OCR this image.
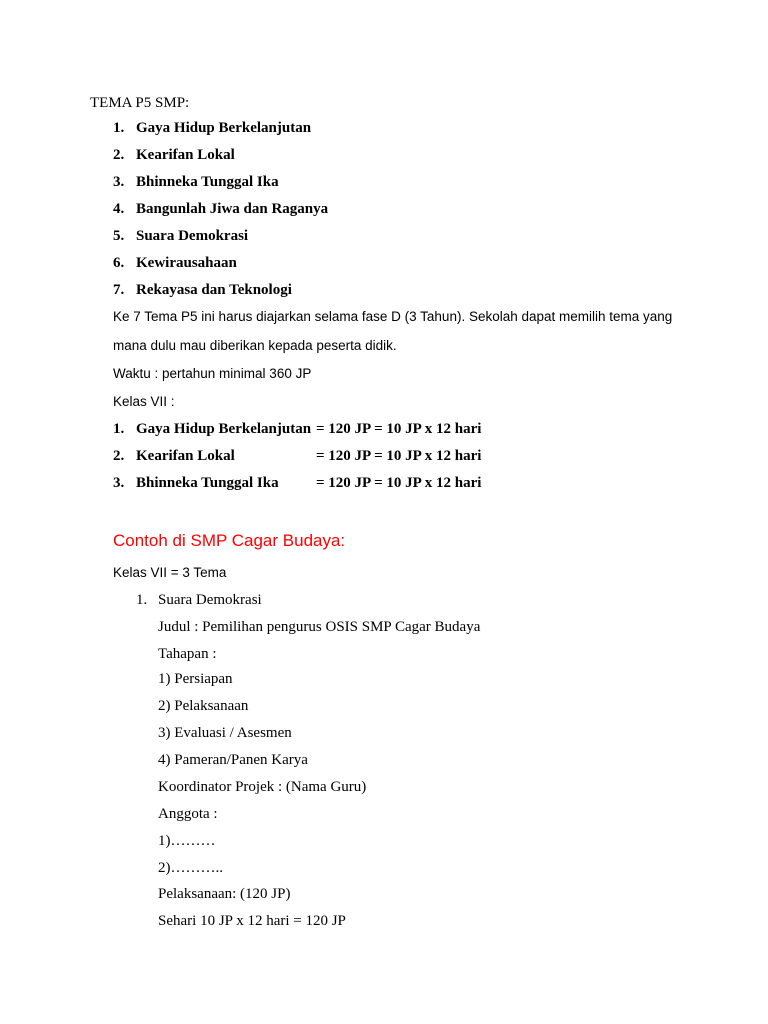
TEMA P5 SMP:
1. Gaya Hidup Berkelanjutan
2. Kearifan Lokal
3. Bhinneka Tunggal Ika
4. Bangunlah Jiwa dan Raganya
5. Suara Demokrasi
6. Kewirausahaan
7. Rekayasa dan Teknologi
Ke 7 Tema P5 ini harus diajarkan selama fase D (3 Tahun). Sekolah dapat memilih tema yang
mana dulu mau diberikan kepada peserta didik.
Waktu : pertahun minimal 360 JP
Kelas VII :
1. Gaya Hidup Berkelanjutan = 120 JP = 10 JP x 12 hari
2. Kearifan Lokal	= 120 JP = 10 JP x 12 hari
3. Bhinneka Tunggal Ika = 120 JP = 10 JP x 12 hari
Contoh di SMP Cagar Budaya:
Kelas VII = 3 Tema
1. Suara Demokrasi
Judul : Pemilihan pengurus OSIS SMP Cagar Budaya
Tahapan :
1) Persiapan
2) Pelaksanaan
3) Evaluasi / Asesmen
4) Pameran/Panen Karya
Koordinator Projek : (Nama Guru)
Anggota :
1)………
2)………..
Pelaksanaan: (120 JP)
Sehari 10 JP x 12 hari = 120 JP
